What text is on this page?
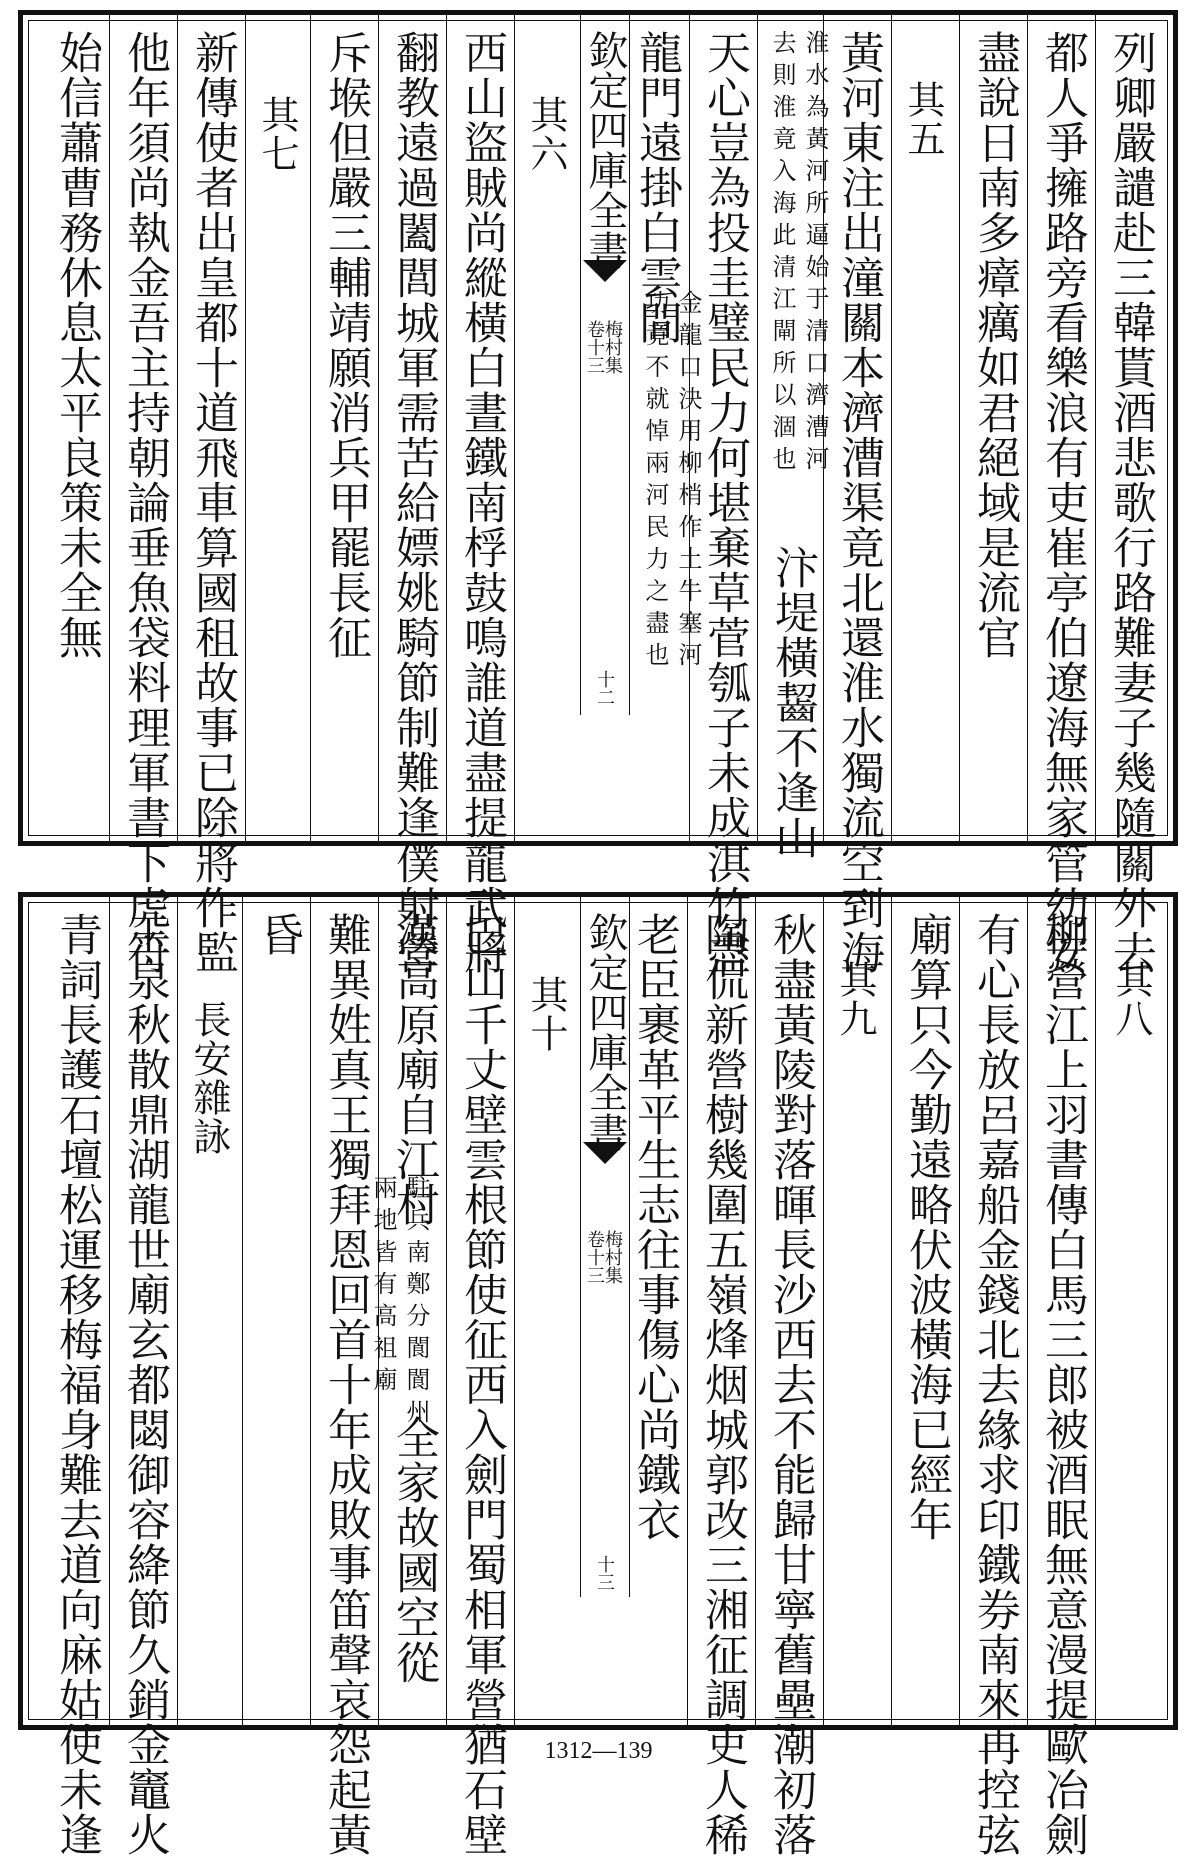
列卿嚴譴赴三韓貰酒悲歌行路難妻子幾隨關外去
都人爭擁路旁看樂浪有吏崔亭伯遼海無家管幼安
盡說日南多瘴癘如君絕域是流官
其五
黃河東注出潼關本濟漕渠竟北還淮水獨流空到海
淮水為黃河所逼始于清口濟漕河
去則淮竟入海此清江閘所以涸也
汴堤橫齧不逢山
天心豈為投圭璧民力何堪棄草菅瓠子未成淇竹盡
龍門遠掛白雲間
金龍口決用柳梢作土牛塞河
功竟不就悼兩河民力之盡也
欽定四庫全書
梅村集
卷十三
十二
其六
西山盜賊尚縱橫白晝鐵南桴鼓鳴誰道盡提龍武將
翻教遠過闔閭城軍需苦給嫖姚騎節制難逢僕射營
斥堠但嚴三輔靖願消兵甲罷長征
其七
新傳使者出皇都十道飛車算國租故事已除將作監
他年須尚執金吾主持朝論垂魚袋料理軍書下虎符
始信蕭曹務休息太平良策未全無
其八
柳營江上羽書傳白馬三郎被酒眠無意漫提歐冶劍
有心長放呂嘉船金錢北去緣求印鐵券南來再控弦
廟算只今勤遠略伏波橫海已經年
其九
秋盡黃陵對落暉長沙西去不能歸甘寧舊壘潮初落
陶侃新營樹幾圍五嶺烽烟城郭改三湘征調吏人稀
老臣裹革平生志往事傷心尚鐵衣
欽定四庫全書
梅村集
卷十三
十三
其十
巴山千丈壁雲根節使征西入劍門蜀相軍營猶石壁
漢高原廟自江村
駐兵南鄭分閬閬州
兩地皆有高祖廟
全家故國空從
難異姓真王獨拜恩回首十年成敗事笛聲哀怨起黃
昏
長安雜詠
玉泉秋散鼎湖龍世廟玄都閟御容絳節久銷金竈火
青詞長護石壇松運移梅福身難去道向麻姑使未逢	1312—139
